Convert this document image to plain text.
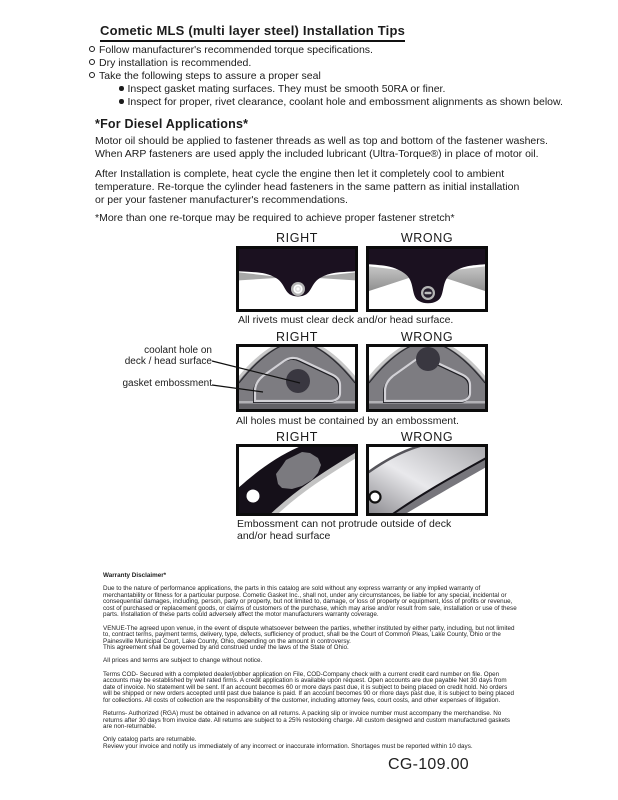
Cometic MLS (multi layer steel) Installation Tips
Follow manufacturer's recommended torque specifications.
Dry installation is recommended.
Take the following steps to assure a proper seal
Inspect gasket mating surfaces. They must be smooth 50RA or finer.
Inspect for proper, rivet clearance, coolant hole and embossment alignments as shown below.
*For Diesel Applications*
Motor oil should be applied to fastener threads as well as top and bottom of the fastener washers.
When ARP fasteners are used apply the included lubricant (Ultra-Torque®) in place of motor oil.
After Installation is complete, heat cycle the engine then let it completely cool to ambient
temperature. Re-torque the cylinder head fasteners in the same pattern as initial installation
or per your fastener manufacturer's recommendations.
*More than one re-torque may be required to achieve proper fastener stretch*
RIGHT	WRONG
All rivets must clear deck and/or head surface.
RIGHT	WRONG
coolant hole on
deck / head surface
gasket embossment
All holes must be contained by an embossment.
RIGHT	WRONG
Embossment can not protrude outside of deck and/or head surface
Warranty Disclaimer*

Due to the nature of performance applications, the parts in this catalog are sold without any express warranty or any implied warranty of merchantability or fitness for a particular purpose. Cometic Gasket Inc., shall not, under any circumstances, be liable for any special, incidental or consequential damages, including, person, party or property, but not limited to, damage, or loss of property or equipment, loss of profits or revenue, cost of purchased or replacement goods, or claims of customers of the purchase, which may arise and/or result from sale, installation or use of these parts. Installation of these parts could adversely affect the motor manufacturers warranty coverage.

VENUE-The agreed upon venue, in the event of dispute whatsoever between the parties, whether instituted by either party, including, but not limited to, contract terms, payment terms, delivery, type, defects, sufficiency of product, shall be the Court of Common Pleas, Lake County, Ohio or the Painesville Municipal Court, Lake County, Ohio, depending on the amount in controversy.

This agreement shall be governed by and construed under the laws of the State of Ohio.

All prices and terms are subject to change without notice.

Terms COD- Secured with a completed dealer/jobber application on File, COD-Company check with a current credit card number on file. Open accounts may be established by well rated firms. A credit application is available upon request. Open accounts are due payable Net 30 days from date of invoice. No statement will be sent. If an account becomes 60 or more days past due, it is subject to being placed on credit hold. No orders will be shipped or new orders accepted until past due balance is paid. If an account becomes 90 or more days past due, it is subject to being placed for collections. All costs of collection are the responsibility of the customer, including attorney fees, court costs, and other expenses of litigation.

Returns- Authorized (RGA) must be obtained in advance on all returns. A packing slip or invoice number must accompany the merchandise. No returns after 30 days from invoice date. All returns are subject to a 25% restocking charge. All custom designed and custom manufactured gaskets are non-returnable.

Only catalog parts are returnable.

Review your invoice and notify us immediately of any incorrect or inaccurate information. Shortages must be reported within 10 days.

CG-109.00
